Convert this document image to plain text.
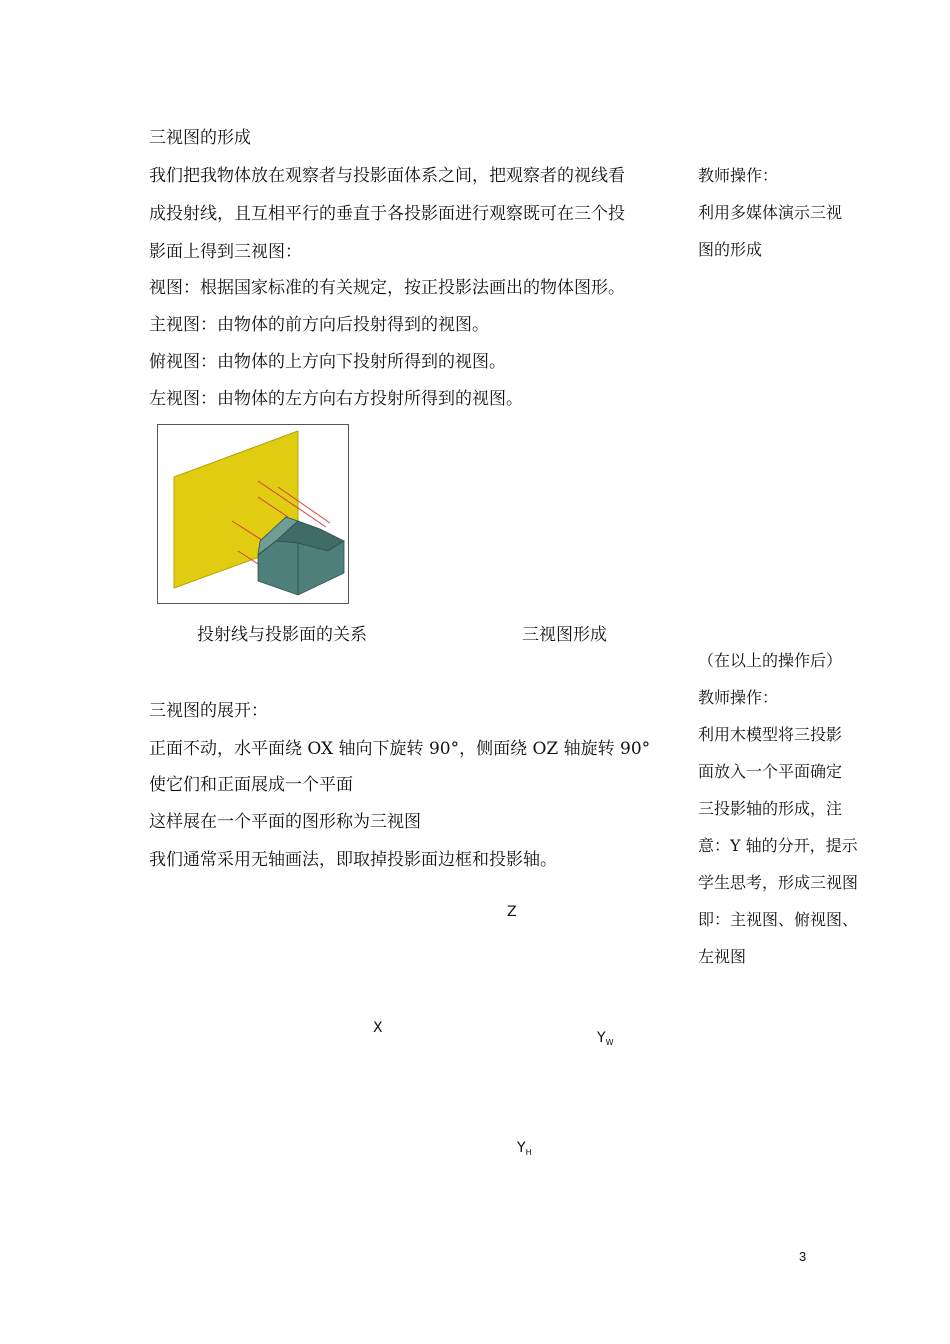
三视图的形成
我们把我物体放在观察者与投影面体系之间，把观察者的视线看
成投射线，且互相平行的垂直于各投影面进行观察既可在三个投
影面上得到三视图：
视图：根据国家标准的有关规定，按正投影法画出的物体图形。
主视图：由物体的前方向后投射得到的视图。
俯视图：由物体的上方向下投射所得到的视图。
左视图：由物体的左方向右方投射所得到的视图。
投射线与投影面的关系	三视图形成
三视图的展开：
正面不动，水平面绕 OX 轴向下旋转 90°，侧面绕 OZ 轴旋转 90°
使它们和正面展成一个平面
这样展在一个平面的图形称为三视图
我们通常采用无轴画法，即取掉投影面边框和投影轴。
Z
X
$Y_W$
$Y_H$
教师操作：
利用多媒体演示三视
图的形成
（在以上的操作后）
教师操作：
利用木模型将三投影
面放入一个平面确定
三投影轴的形成，注
意：Y 轴的分开，提示
学生思考，形成三视图
即：主视图、俯视图、
左视图
3
